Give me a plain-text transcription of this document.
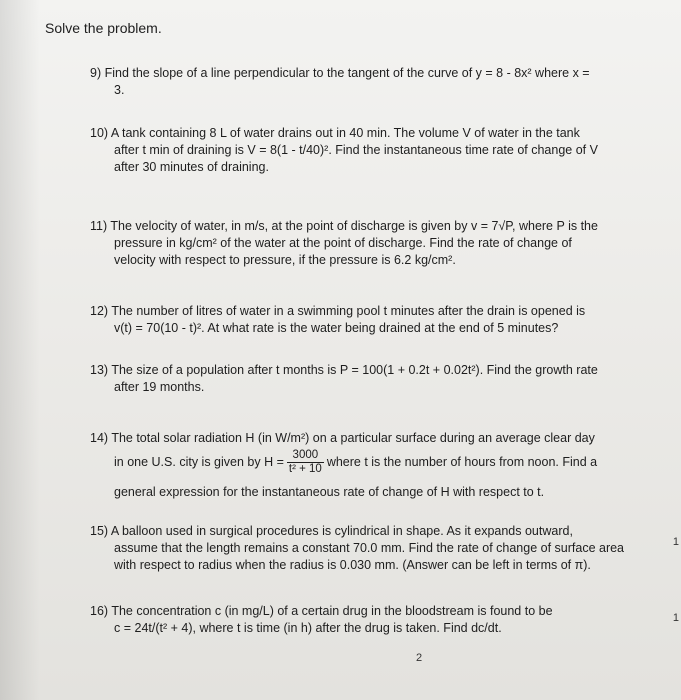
Solve the problem.
9) Find the slope of a line perpendicular to the tangent of the curve of y = 8 - 8x² where x =
3.
10) A tank containing 8 L of water drains out in 40 min. The volume V of water in the tank
after t min of draining is V = 8(1 - t/40)². Find the instantaneous time rate of change of V
after 30 minutes of draining.
11) The velocity of water, in m/s, at the point of discharge is given by v = 7√P, where P is the
pressure in kg/cm² of the water at the point of discharge. Find the rate of change of
velocity with respect to pressure, if the pressure is 6.2 kg/cm².
12) The number of litres of water in a swimming pool t minutes after the drain is opened is
v(t) = 70(10 - t)². At what rate is the water being drained at the end of 5 minutes?
13) The size of a population after t months is P = 100(1 + 0.2t + 0.02t²). Find the growth rate
after 19 months.
14) The total solar radiation H (in W/m²) on a particular surface during an average clear day
in one U.S. city is given by $H = \frac{3000}{\text{t² + 10}}$ where t is the number of hours from noon. Find a
general expression for the instantaneous rate of change of H with respect to t.
15) A balloon used in surgical procedures is cylindrical in shape. As it expands outward,
assume that the length remains a constant 70.0 mm. Find the rate of change of surface area
with respect to radius when the radius is 0.030 mm. (Answer can be left in terms of π).
16) The concentration c (in mg/L) of a certain drug in the bloodstream is found to be
c = 24t/(t² + 4), where t is time (in h) after the drug is taken. Find dc/dt.
1
1
2
